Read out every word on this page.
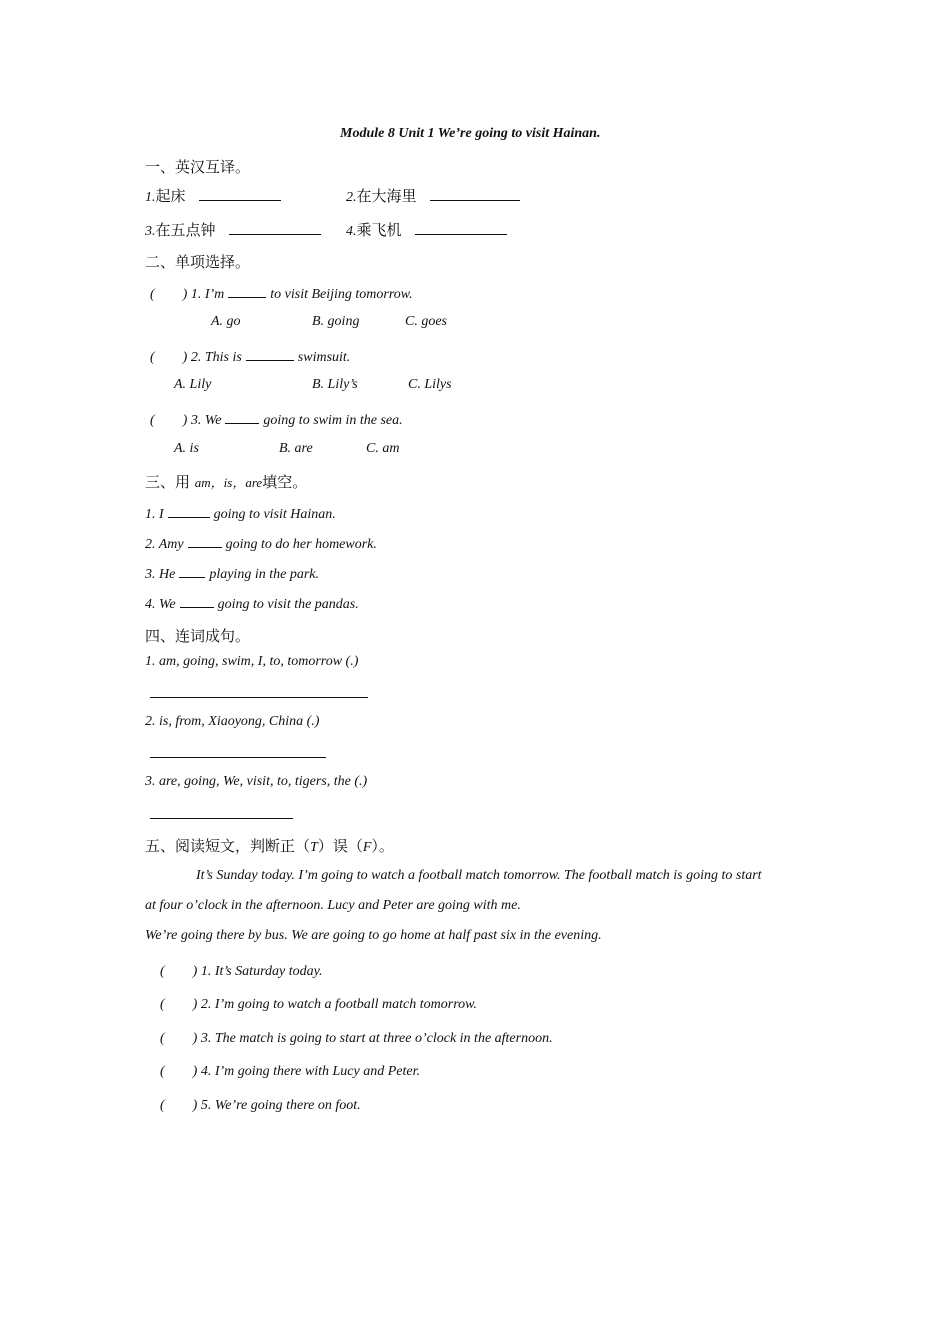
Module 8 Unit 1 We’re going to visit Hainan.
一、英汉互译。
1.起床	2.在大海里
3.在五点钟	4.乘飞机
二、单项选择。
(　　) 1. I’m	to visit Beijing tomorrow.
A. go	B. going	C. goes
(　　) 2. This is	swimsuit.
A. Lily	B. Lily’s	C. Lilys
(　　) 3. We	going to swim in the sea.
A. is	B. are	C. am
三、用 am，is，are填空。
1. I	going to visit Hainan.
2. Amy	going to do her homework.
3. He playing in the park.
4. We	going to visit the pandas.
四、连词成句。
1. am, going, swim, I, to, tomorrow (.)
2. is, from, Xiaoyong, China (.)
3. are, going, We, visit, to, tigers, the (.)
五、阅读短文，判断正（T）误（F）。
It’s Sunday today. I’m going to watch a football match tomorrow. The football match is going to start
at four o’clock in the afternoon. Lucy and Peter are going with me.
We’re going there by bus. We are going to go home at half past six in the evening.
(　　) 1. It’s Saturday today.
(　　) 2. I’m going to watch a football match tomorrow.
(　　) 3. The match is going to start at three o’clock in the afternoon.
(　　) 4. I’m going there with Lucy and Peter.
(　　) 5. We’re going there on foot.
